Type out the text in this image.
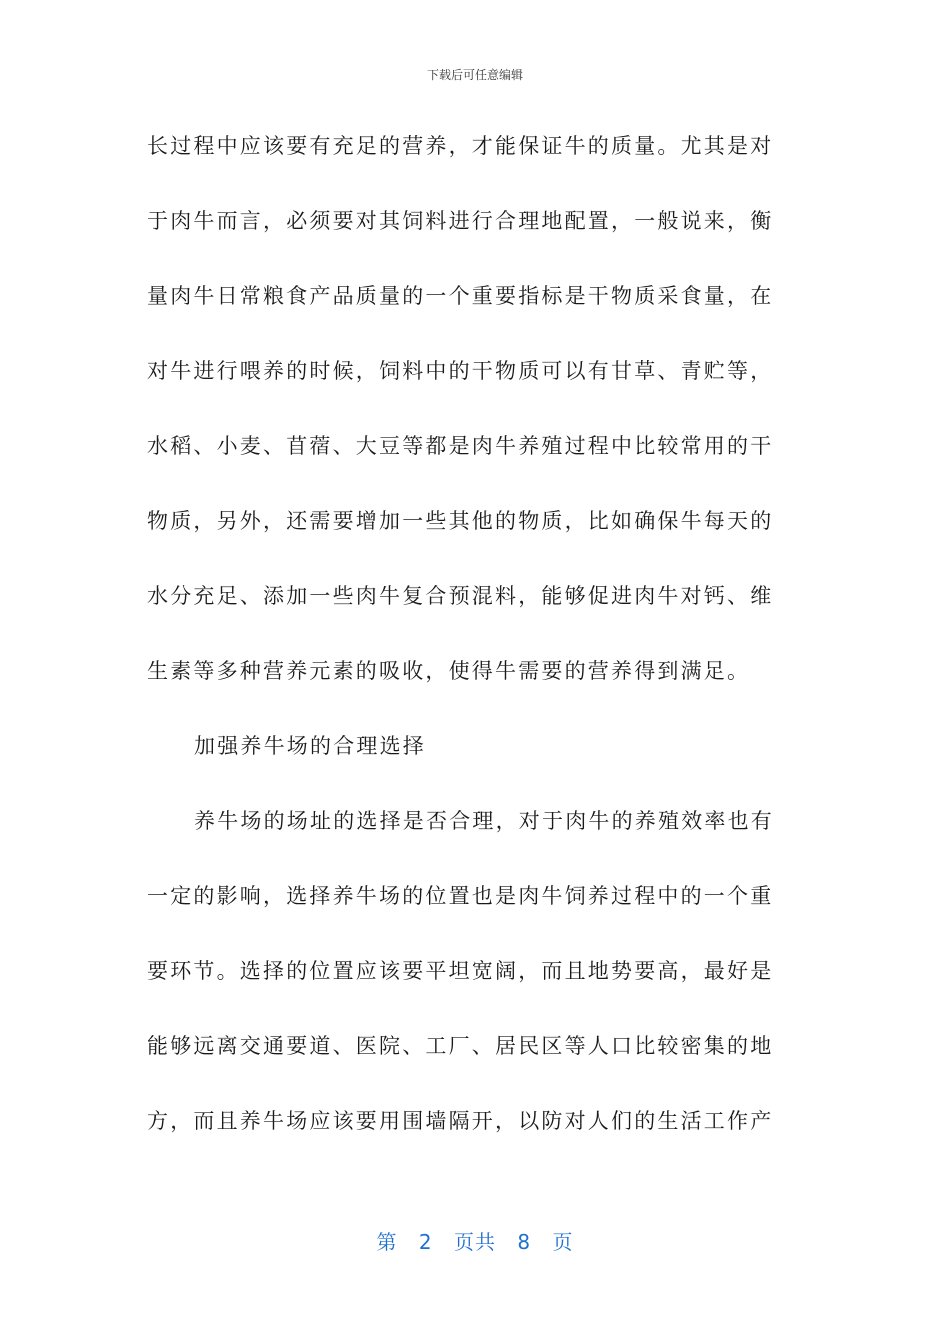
下载后可任意编辑
长过程中应该要有充足的营养，才能保证牛的质量。尤其是对
于肉牛而言，必须要对其饲料进行合理地配置，一般说来，衡
量肉牛日常粮食产品质量的一个重要指标是干物质采食量，在
对牛进行喂养的时候，饲料中的干物质可以有甘草、青贮等，
水稻、小麦、苜蓿、大豆等都是肉牛养殖过程中比较常用的干
物质，另外，还需要增加一些其他的物质，比如确保牛每天的
水分充足、添加一些肉牛复合预混料，能够促进肉牛对钙、维
生素等多种营养元素的吸收，使得牛需要的营养得到满足。
加强养牛场的合理选择
养牛场的场址的选择是否合理，对于肉牛的养殖效率也有
一定的影响，选择养牛场的位置也是肉牛饲养过程中的一个重
要环节。选择的位置应该要平坦宽阔，而且地势要高，最好是
能够远离交通要道、医院、工厂、居民区等人口比较密集的地
方，而且养牛场应该要用围墙隔开，以防对人们的生活工作产
第 2 页共 8 页
